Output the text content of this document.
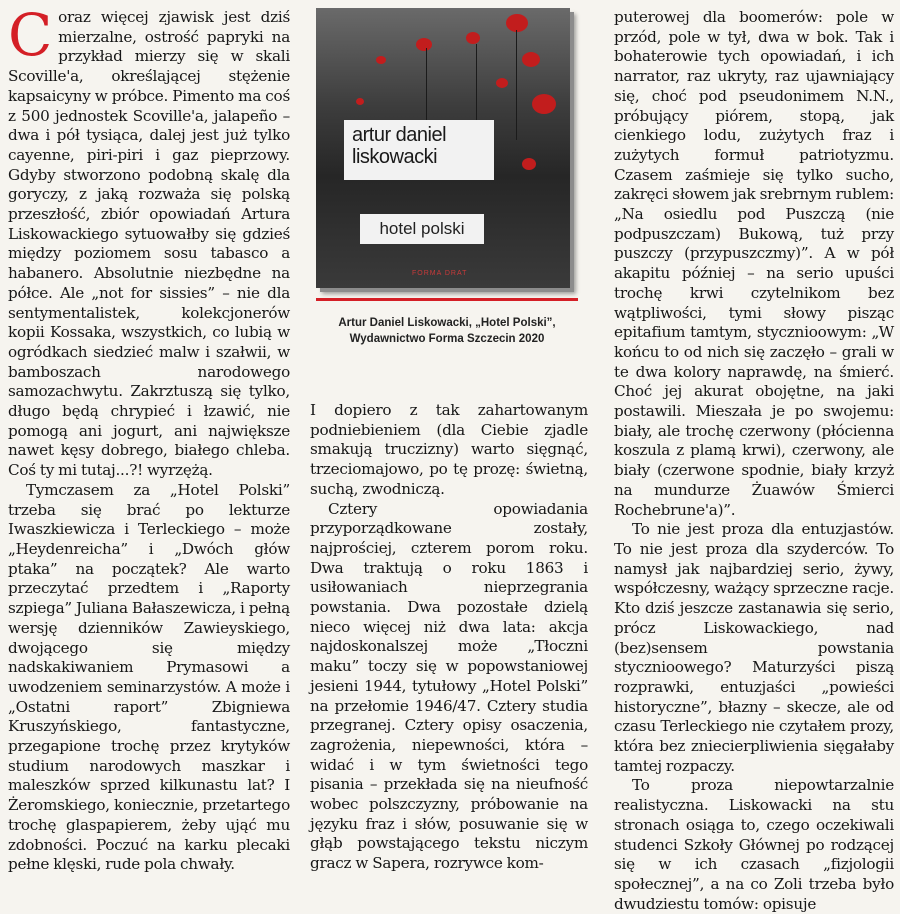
Coraz więcej zjawisk jest dziś mierzalne, ostrość papryki na przykład mierzy się w skali Scoville'a, określającej stężenie kapsaicyny w próbce. Pimento ma coś z 500 jednostek Scoville'a, jalapeño – dwa i pół tysiąca, dalej jest już tylko cayenne, piri-piri i gaz pieprzowy. Gdyby stworzono podobną skalę dla goryczy, z jaką rozważa się polską przeszłość, zbiór opowiadań Artura Liskowackiego sytuowałby się gdzieś między poziomem sosu tabasco a habanero. Absolutnie niezbędne na półce. Ale „not for sissies” – nie dla sentymentalistek, kolekcjonerów kopii Kossaka, wszystkich, co lubią w ogródkach siedzieć malw i szałwii, w bamboszach narodowego samozachwytu. Zakrztuszą się tylko, długo będą chrypieć i łzawić, nie pomogą ani jogurt, ani największe nawet kęsy dobrego, białego chleba. Coś ty mi tutaj...?! wyrzężą.

Tymczasem za „Hotel Polski” trzeba się brać po lekturze Iwaszkiewicza i Terleckiego – może „Heydenreicha” i „Dwóch głów ptaka” na początek? Ale warto przeczytać przedtem i „Raporty szpiega” Juliana Bałaszewicza, i pełną wersję dzienników Zawieyskiego, dwojącego się między nadskakiwaniem Prymasowi a uwodzeniem seminarzystów. A może i „Ostatni raport” Zbigniewa Kruszyńskiego, fantastyczne, przegapione trochę przez krytyków studium narodowych maszkar i maleszków sprzed kilkunastu lat? I Żeromskiego, koniecznie, przetartego trochę glaspapierem, żeby ująć mu zdobności. Poczuć na karku plecaki pełne klęski, rude pola chwały.

artur daniel
liskowacki
hotel polski
FORMA DRAT
Artur Daniel Liskowacki, „Hotel Polski”,
Wydawnictwo Forma Szczecin 2020

I dopiero z tak zahartowanym podniebieniem (dla Ciebie zjadle smakują truczizny) warto sięgnąć, trzeciomajowo, po tę prozę: świetną, suchą, zwodniczą.

Cztery opowiadania przyporządkowane zostały, najprościej, czterem porom roku. Dwa traktują o roku 1863 i usiłowaniach nieprzegrania powstania. Dwa pozostałe dzielą nieco więcej niż dwa lata: akcja najdoskonalszej może „Tłoczni maku” toczy się w popowstaniowej jesieni 1944, tytułowy „Hotel Polski” na przełomie 1946/47. Cztery studia przegranej. Cztery opisy osaczenia, zagrożenia, niepewności, która – widać i w tym świetności tego pisania – przekłada się na nieufność wobec polszczyzny, próbowanie na języku fraz i słów, posuwanie się w głąb powstającego tekstu niczym gracz w Sapera, rozrywce kom-

puterowej dla boomerów: pole w przód, pole w tył, dwa w bok. Tak i bohaterowie tych opowiadań, i ich narrator, raz ukryty, raz ujawniający się, choć pod pseudonimem N.N., próbujący piórem, stopą, jak cienkiego lodu, zużytych fraz i zużytych formuł patriotyzmu. Czasem zaśmieje się tylko sucho, zakręci słowem jak srebrnym rublem: „Na osiedlu pod Puszczą (nie podpuszczam) Bukową, tuż przy puszczy (przypuszczmy)”. A w pół akapitu później – na serio upuści trochę krwi czytelnikom bez wątpliwości, tymi słowy pisząc epitafium tamtym, stycznioowym: „W końcu to od nich się zaczęło – grali w te dwa kolory naprawdę, na śmierć. Choć jej akurat obojętne, na jaki postawili. Mieszała je po swojemu: biały, ale trochę czerwony (płócienna koszula z plamą krwi), czerwony, ale biały (czerwone spodnie, biały krzyż na mundurze Żuawów Śmierci Rochebrune'a)”.

To nie jest proza dla entuzjastów. To nie jest proza dla szyderców. To namysł jak najbardziej serio, żywy, współczesny, ważący sprzeczne racje. Kto dziś jeszcze zastanawia się serio, prócz Liskowackiego, nad (bez)sensem powstania stycznioowego? Maturzyści piszą rozprawki, entuzjaści „powieści historyczne”, błazny – skecze, ale od czasu Terleckiego nie czytałem prozy, która bez zniecierpliwienia sięgałaby tamtej rozpaczy.

To proza niepowtarzalnie realistyczna. Liskowacki na stu stronach osiąga to, czego oczekiwali studenci Szkoły Głównej po rodzącej się w ich czasach „fizjologii społecznej”, a na co Zoli trzeba było dwudziestu tomów: opisuje
